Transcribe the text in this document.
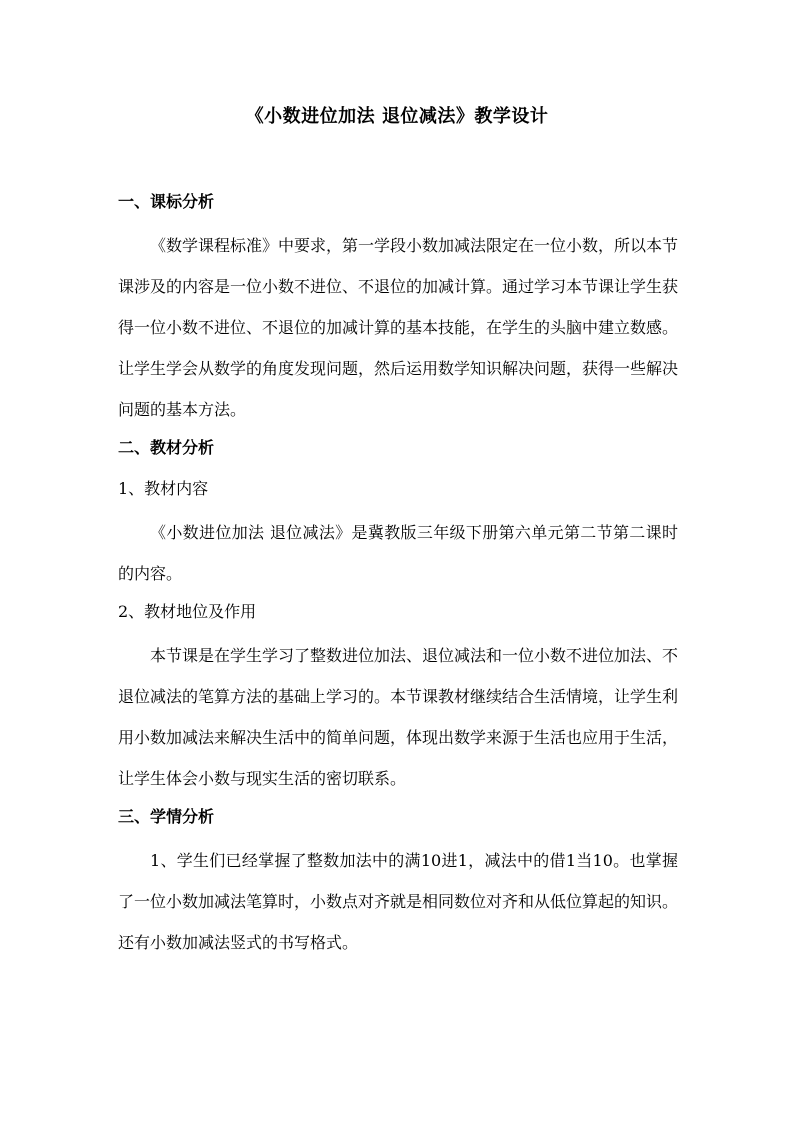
《小数进位加法 退位减法》教学设计
一、课标分析
《数学课程标准》中要求，第一学段小数加减法限定在一位小数，所以本节课涉及的内容是一位小数不进位、不退位的加减计算。通过学习本节课让学生获得一位小数不进位、不退位的加减计算的基本技能，在学生的头脑中建立数感。让学生学会从数学的角度发现问题，然后运用数学知识解决问题，获得一些解决问题的基本方法。
二、教材分析
1、教材内容
《小数进位加法 退位减法》是冀教版三年级下册第六单元第二节第二课时的内容。
2、教材地位及作用
本节课是在学生学习了整数进位加法、退位减法和一位小数不进位加法、不退位减法的笔算方法的基础上学习的。本节课教材继续结合生活情境，让学生利用小数加减法来解决生活中的简单问题，体现出数学来源于生活也应用于生活，让学生体会小数与现实生活的密切联系。
三、学情分析
1、学生们已经掌握了整数加法中的满10进1，减法中的借1当10。也掌握了一位小数加减法笔算时，小数点对齐就是相同数位对齐和从低位算起的知识。还有小数加减法竖式的书写格式。
